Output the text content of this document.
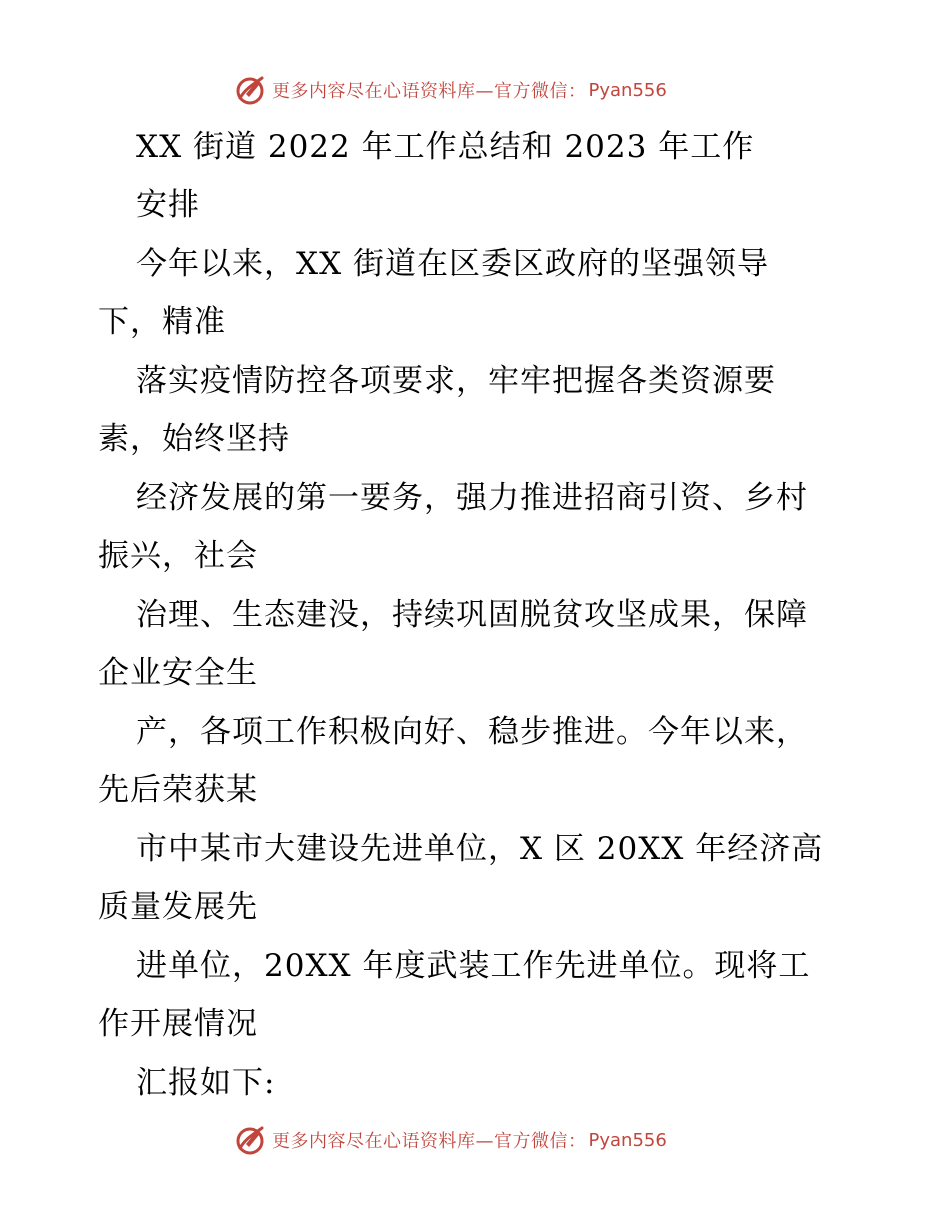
更多内容尽在心语资料库—官方微信： Pyan556
XX 街道 2022 年工作总结和 2023 年工作
安排
今年以来，XX 街道在区委区政府的坚强领导
下，精准
落实疫情防控各项要求，牢牢把握各类资源要
素，始终坚持
经济发展的第一要务，强力推进招商引资、乡村
振兴，社会
治理、生态建没，持续巩固脱贫攻坚成果，保障
企业安全生
产，各项工作积极向好、稳步推进。今年以来，
先后荣获某
市中某市大建设先进单位，X 区 20XX 年经济高
质量发展先
进单位，20XX 年度武装工作先进单位。现将工
作开展情况
汇报如下:
更多内容尽在心语资料库—官方微信： Pyan556
